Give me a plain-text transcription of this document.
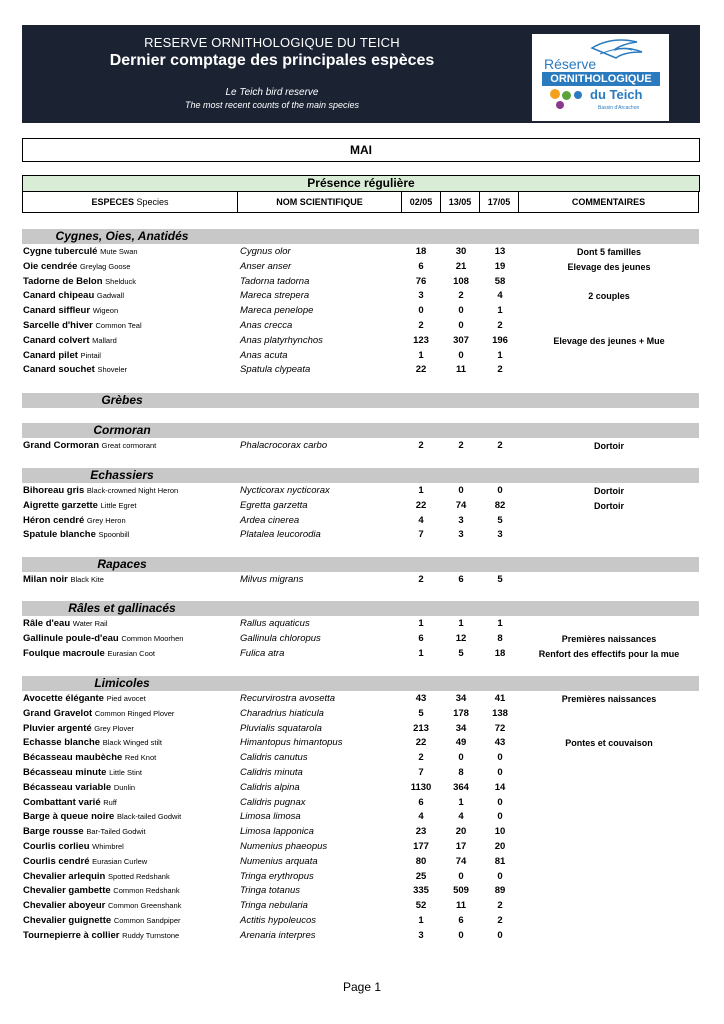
RESERVE ORNITHOLOGIQUE DU TEICH
Dernier comptage des principales espèces
Le Teich bird reserve
The most recent counts of the main species
Réserve
ORNITHOLOGIQUE
du Teich
Bassin d'Arcachon
MAI
Présence régulière
ESPECES Species	NOM SCIENTIFIQUE	02/05	13/05	17/05	COMMENTAIRES
Cygnes, Oies, Anatidés
Cygne tuberculé Mute Swan	Cygnus olor	18	30	13	Dont 5 familles
Oie cendrée Greylag Goose	Anser anser	6	21	19	Elevage des jeunes
Tadorne de Belon Shelduck	Tadorna tadorna	76	108	58
Canard chipeau Gadwall	Mareca strepera	3	2	4	2 couples
Canard siffleur Wigeon	Mareca penelope	0	0	1
Sarcelle d'hiver Common Teal	Anas crecca	2	0	2
Canard colvert Mallard	Anas platyrhynchos	123	307	196	Elevage des jeunes + Mue
Canard pilet Pintail	Anas acuta	1	0	1
Canard souchet Shoveler	Spatula clypeata	22	11	2
Grèbes
Cormoran
Grand Cormoran Great cormorant	Phalacrocorax carbo	2	2	2	Dortoir
Echassiers
Bihoreau gris Black-crowned Night Heron	Nycticorax nycticorax	1	0	0	Dortoir
Aigrette garzette Little Egret	Egretta garzetta	22	74	82	Dortoir
Héron cendré Grey Heron	Ardea cinerea	4	3	5
Spatule blanche Spoonbill	Platalea leucorodia	7	3	3
Rapaces
Milan noir Black Kite	Milvus migrans	2	6	5
Râles et gallinacés
Râle d'eau Water Rail	Rallus aquaticus	1	1	1
Gallinule poule-d'eau Common Moorhen	Gallinula chloropus	6	12	8	Premières naissances
Foulque macroule Eurasian Coot	Fulica atra	1	5	18	Renfort des effectifs pour la mue
Limicoles
Avocette élégante Pied avocet	Recurvirostra avosetta	43	34	41	Premières naissances
Grand Gravelot Common Ringed Plover	Charadrius hiaticula	5	178	138
Pluvier argenté Grey Plover	Pluvialis squatarola	213	34	72
Echasse blanche Black Winged stilt	Himantopus himantopus	22	49	43	Pontes et couvaison
Bécasseau maubèche Red Knot	Calidris canutus	2	0	0
Bécasseau minute Little Stint	Calidris minuta	7	8	0
Bécasseau variable Dunlin	Calidris alpina	1130	364	14
Combattant varié Ruff	Calidris pugnax	6	1	0
Barge à queue noire Black-tailed Godwit	Limosa limosa	4	4	0
Barge rousse Bar-Tailed Godwit	Limosa lapponica	23	20	10
Courlis corlieu Whimbrel	Numenius phaeopus	177	17	20
Courlis cendré Eurasian Curlew	Numenius arquata	80	74	81
Chevalier arlequin Spotted Redshank	Tringa erythropus	25	0	0
Chevalier gambette Common Redshank	Tringa totanus	335	509	89
Chevalier aboyeur Common Greenshank	Tringa nebularia	52	11	2
Chevalier guignette Common Sandpiper	Actitis hypoleucos	1	6	2
Tournepierre à collier Ruddy Turnstone	Arenaria interpres	3	0	0
Page 1
